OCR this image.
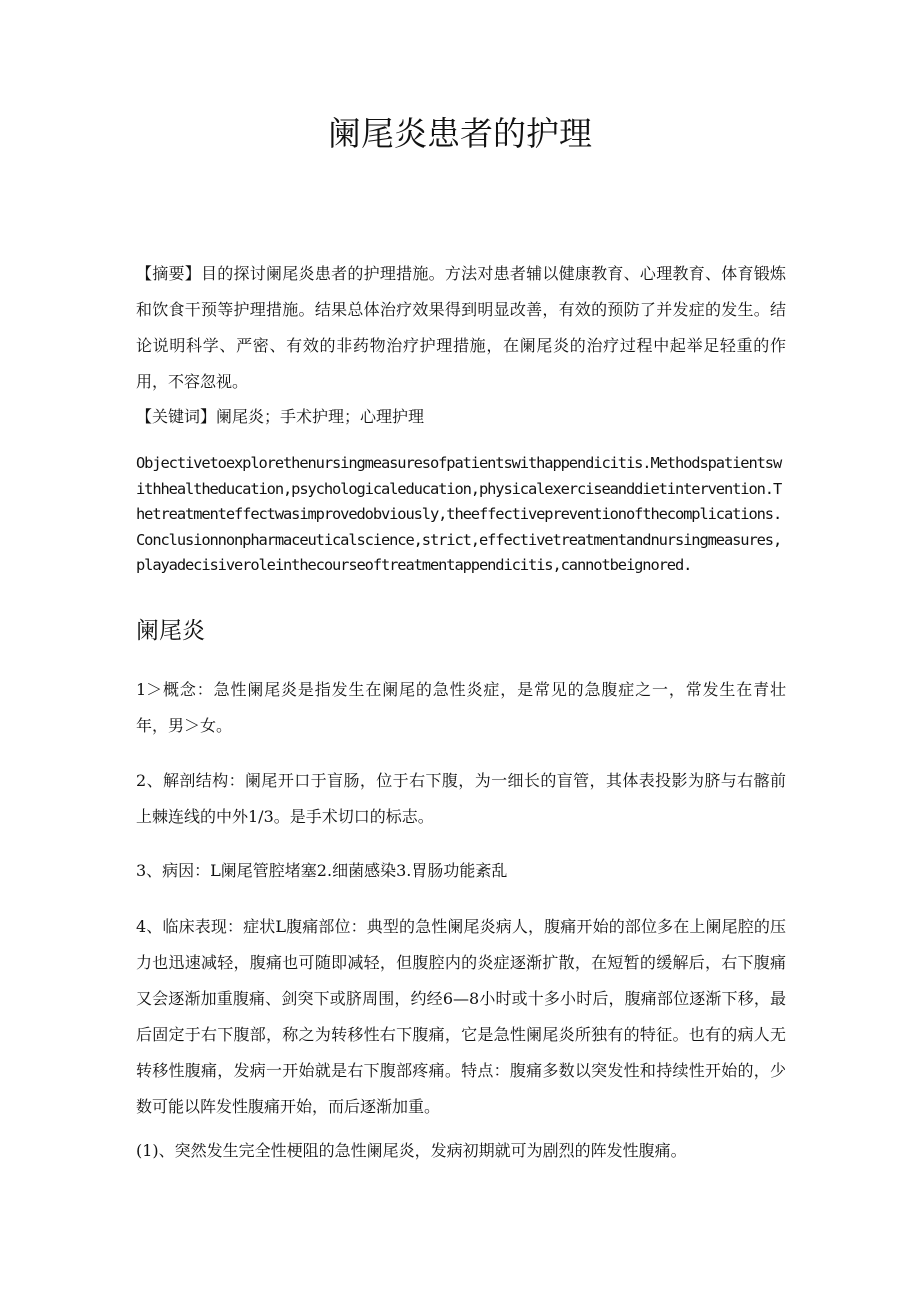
阑尾炎患者的护理

【摘要】目的探讨阑尾炎患者的护理措施。方法对患者辅以健康教育、心理教育、体育锻炼和饮食干预等护理措施。结果总体治疗效果得到明显改善，有效的预防了并发症的发生。结论说明科学、严密、有效的非药物治疗护理措施，在阑尾炎的治疗过程中起举足轻重的作用，不容忽视。

【关键词】阑尾炎；手术护理；心理护理

Objectivetoexplorethenursingmeasuresofpatientswithappendicitis.Methodspatientswithhealtheducation,psychologicaleducation,physicalexerciseanddietintervention.Thetreatmenteffectwasimprovedobviously,theeffectivepreventionofthecomplications.Conclusionnonpharmaceuticalscience,strict,effectivetreatmentandnursingmeasures,playadecisiveroleinthecourseoftreatmentappendicitis,cannotbeignored.

阑尾炎

1＞概念：急性阑尾炎是指发生在阑尾的急性炎症，是常见的急腹症之一，常发生在青壮年，男＞女。

2、解剖结构：阑尾开口于盲肠，位于右下腹，为一细长的盲管，其体表投影为脐与右髂前上棘连线的中外1/3。是手术切口的标志。

3、病因：L阑尾管腔堵塞2.细菌感染3.胃肠功能紊乱

4、临床表现：症状L腹痛部位：典型的急性阑尾炎病人，腹痛开始的部位多在上阑尾腔的压力也迅速减轻，腹痛也可随即减轻，但腹腔内的炎症逐渐扩散，在短暂的缓解后，右下腹痛又会逐渐加重腹痛、剑突下或脐周围，约经6—8小时或十多小时后，腹痛部位逐渐下移，最后固定于右下腹部，称之为转移性右下腹痛，它是急性阑尾炎所独有的特征。也有的病人无转移性腹痛，发病一开始就是右下腹部疼痛。特点：腹痛多数以突发性和持续性开始的，少数可能以阵发性腹痛开始，而后逐渐加重。

(1)、突然发生完全性梗阻的急性阑尾炎，发病初期就可为剧烈的阵发性腹痛。
